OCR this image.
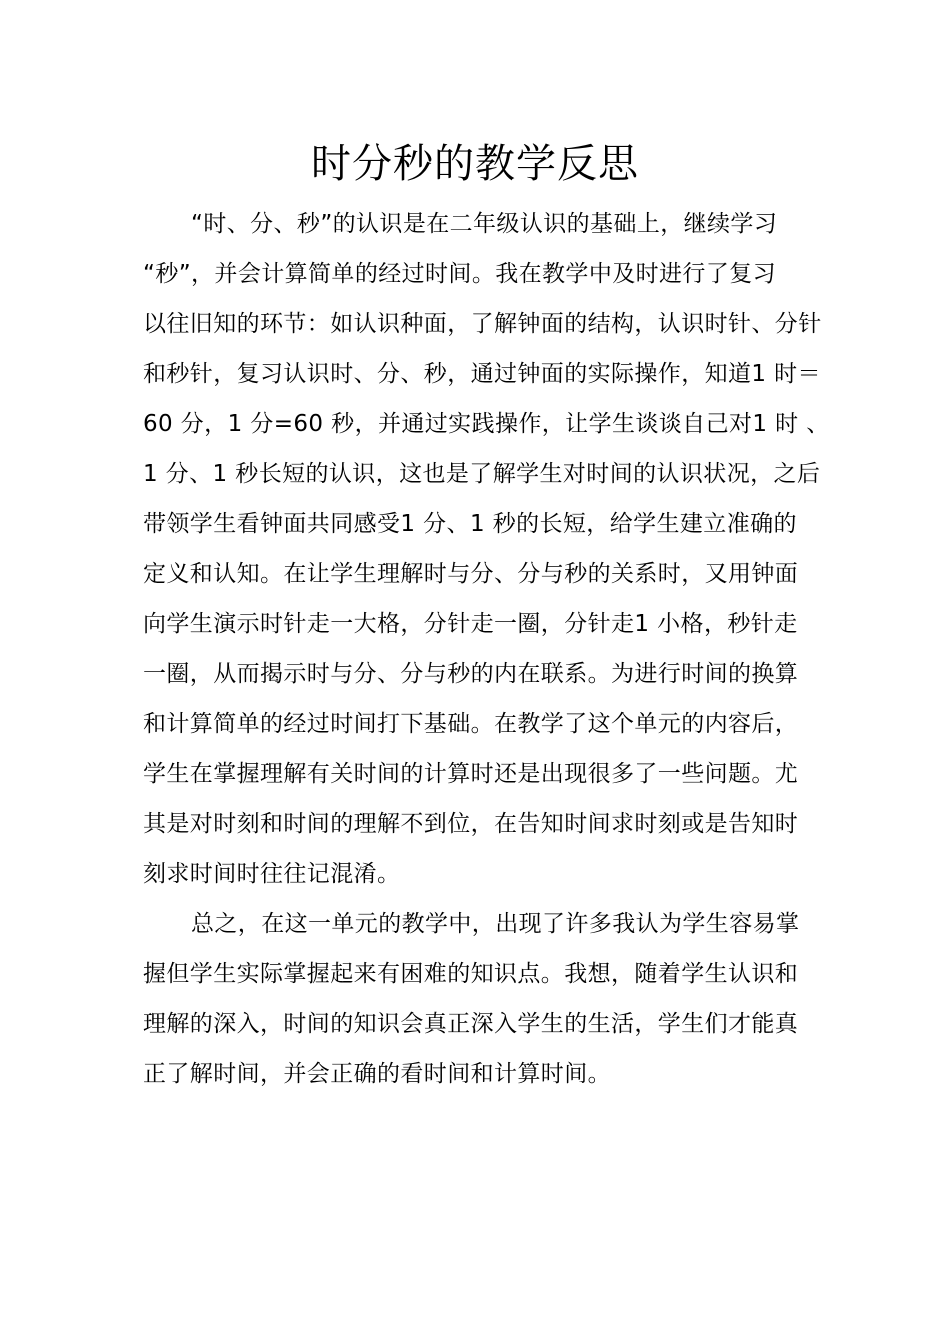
时分秒的教学反思
“时、分、秒”的认识是在二年级认识的基础上，继续学习
“秒”，并会计算简单的经过时间。我在教学中及时进行了复习
以往旧知的环节：如认识种面，了解钟面的结构，认识时针、分针
和秒针，复习认识时、分、秒，通过钟面的实际操作，知道1 时＝
60 分，1 分=60 秒，并通过实践操作，让学生谈谈自己对1 时 、
1 分、1 秒长短的认识，这也是了解学生对时间的认识状况，之后
带领学生看钟面共同感受1 分、1 秒的长短，给学生建立准确的
定义和认知。在让学生理解时与分、分与秒的关系时，又用钟面
向学生演示时针走一大格，分针走一圈，分针走1 小格，秒针走
一圈，从而揭示时与分、分与秒的内在联系。为进行时间的换算
和计算简单的经过时间打下基础。在教学了这个单元的内容后，
学生在掌握理解有关时间的计算时还是出现很多了一些问题。尤
其是对时刻和时间的理解不到位，在告知时间求时刻或是告知时
刻求时间时往往记混淆。
总之，在这一单元的教学中，出现了许多我认为学生容易掌
握但学生实际掌握起来有困难的知识点。我想，随着学生认识和
理解的深入，时间的知识会真正深入学生的生活，学生们才能真
正了解时间，并会正确的看时间和计算时间。
